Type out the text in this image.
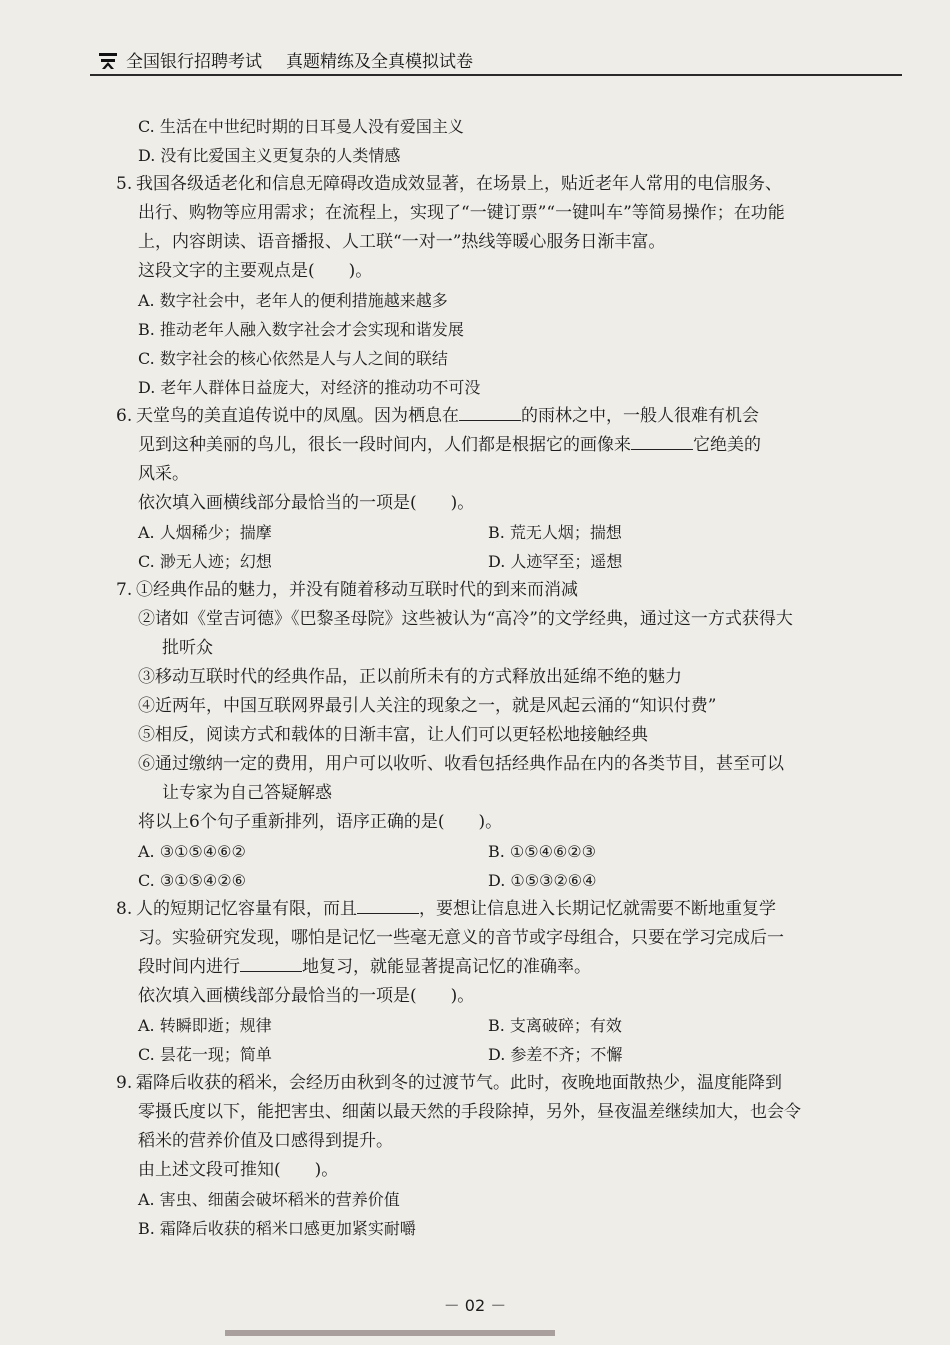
全国银行招聘考试 真题精练及全真模拟试卷
C. 生活在中世纪时期的日耳曼人没有爱国主义
D. 没有比爱国主义更复杂的人类情感
5. 我国各级适老化和信息无障碍改造成效显著，在场景上，贴近老年人常用的电信服务、
出行、购物等应用需求；在流程上，实现了“一键订票”“一键叫车”等简易操作；在功能
上，内容朗读、语音播报、人工联“一对一”热线等暖心服务日渐丰富。
这段文字的主要观点是(　　)。
A. 数字社会中，老年人的便利措施越来越多
B. 推动老年人融入数字社会才会实现和谐发展
C. 数字社会的核心依然是人与人之间的联结
D. 老年人群体日益庞大，对经济的推动功不可没
6. 天堂鸟的美直追传说中的凤凰。因为栖息在	的雨林之中，一般人很难有机会
见到这种美丽的鸟儿，很长一段时间内，人们都是根据它的画像来	它绝美的
风采。
依次填入画横线部分最恰当的一项是(　　)。
A. 人烟稀少；揣摩	B. 荒无人烟；揣想
C. 渺无人迹；幻想	D. 人迹罕至；遥想
7. ①经典作品的魅力，并没有随着移动互联时代的到来而消减
②诸如《堂吉诃德》《巴黎圣母院》这些被认为“高冷”的文学经典，通过这一方式获得大
批听众
③移动互联时代的经典作品，正以前所未有的方式释放出延绵不绝的魅力
④近两年，中国互联网界最引人关注的现象之一，就是风起云涌的“知识付费”
⑤相反，阅读方式和载体的日渐丰富，让人们可以更轻松地接触经典
⑥通过缴纳一定的费用，用户可以收听、收看包括经典作品在内的各类节目，甚至可以
让专家为自己答疑解惑
将以上6个句子重新排列，语序正确的是(　　)。
A. ③①⑤④⑥②	B. ①⑤④⑥②③
C. ③①⑤④②⑥	D. ①⑤③②⑥④
8. 人的短期记忆容量有限，而且	，要想让信息进入长期记忆就需要不断地重复学
习。实验研究发现，哪怕是记忆一些毫无意义的音节或字母组合，只要在学习完成后一
段时间内进行	地复习，就能显著提高记忆的准确率。
依次填入画横线部分最恰当的一项是(　　)。
A. 转瞬即逝；规律	B. 支离破碎；有效
C. 昙花一现；简单	D. 参差不齐；不懈
9. 霜降后收获的稻米，会经历由秋到冬的过渡节气。此时，夜晚地面散热少，温度能降到
零摄氏度以下，能把害虫、细菌以最天然的手段除掉，另外，昼夜温差继续加大，也会令
稻米的营养价值及口感得到提升。
由上述文段可推知(　　)。
A. 害虫、细菌会破坏稻米的营养价值
B. 霜降后收获的稻米口感更加紧实耐嚼
－ 02 －
